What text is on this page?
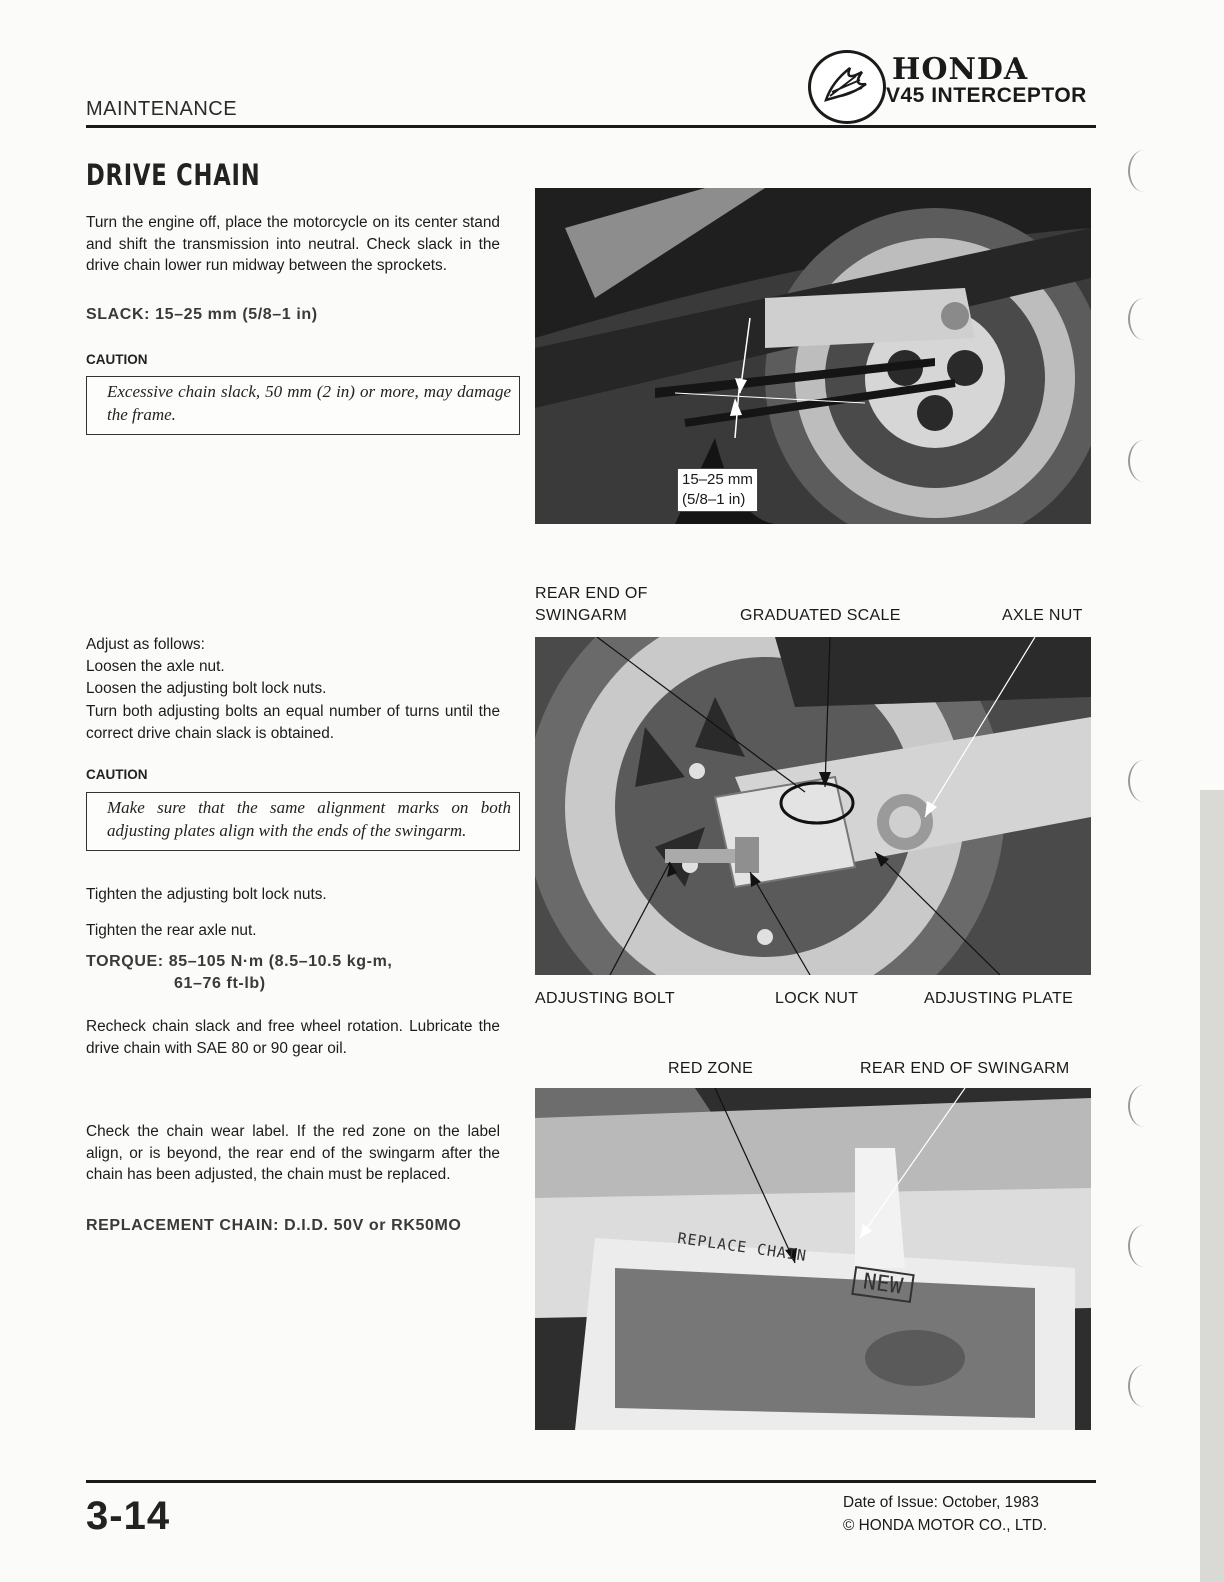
MAINTENANCE
HONDA
V45 INTERCEPTOR
DRIVE CHAIN
Turn the engine off, place the motorcycle on its center stand and shift the transmission into neutral. Check slack in the drive chain lower run midway between the sprockets.
SLACK: 15–25 mm (5/8–1 in)
CAUTION
Excessive chain slack, 50 mm (2 in) or more, may damage the frame.
Adjust as follows:
Loosen the axle nut.
Loosen the adjusting bolt lock nuts.
Turn both adjusting bolts an equal number of turns until the correct drive chain slack is obtained.
CAUTION
Make sure that the same alignment marks on both adjusting plates align with the ends of the swingarm.
Tighten the adjusting bolt lock nuts.
Tighten the rear axle nut.
TORQUE: 85–105 N·m (8.5–10.5 kg-m,
61–76 ft-lb)
Recheck chain slack and free wheel rotation. Lubricate the drive chain with SAE 80 or 90 gear oil.
Check the chain wear label. If the red zone on the label align, or is beyond, the rear end of the swingarm after the chain has been adjusted, the chain must be replaced.
REPLACEMENT CHAIN: D.I.D. 50V or RK50MO
15–25 mm
(5/8–1 in)
REAR END OF
SWINGARM	GRADUATED SCALE	AXLE NUT
ADJUSTING BOLT	LOCK NUT	ADJUSTING PLATE
RED ZONE	REAR END OF SWINGARM
REPLACE CHAIN
NEW
3-14	Date of Issue: October, 1983
© HONDA MOTOR CO., LTD.
